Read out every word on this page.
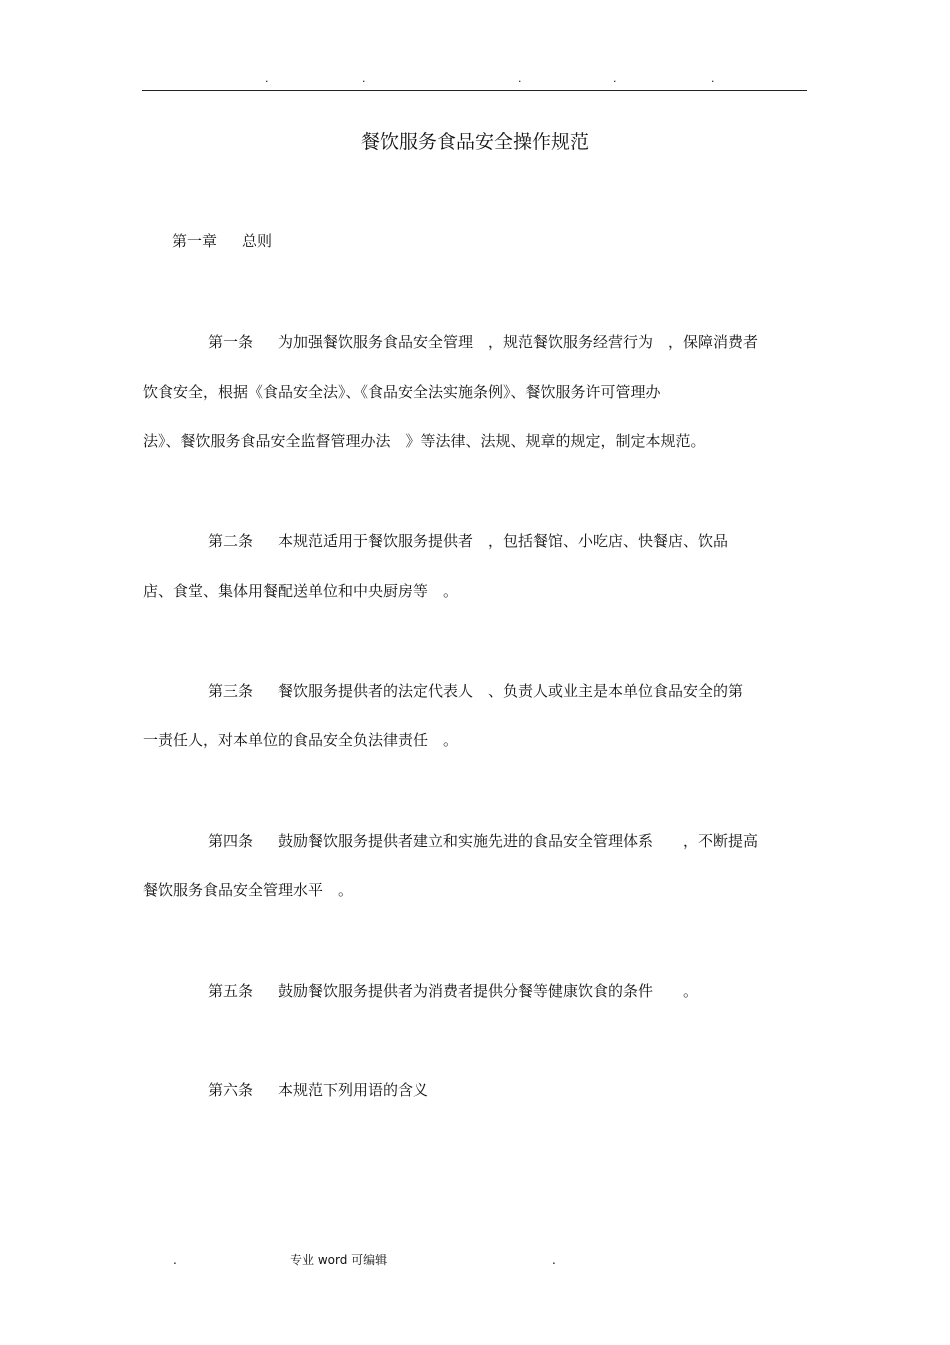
.	.	.	.	.
餐饮服务食品安全操作规范
第一章 总则
第一条 为加强餐饮服务食品安全管理　，规范餐饮服务经营行为　，保障消费者
饮食安全，根据《食品安全法》、《食品安全法实施条例》、餐饮服务许可管理办
法》、餐饮服务食品安全监督管理办法　》等法律、法规、规章的规定，制定本规范。
第二条 本规范适用于餐饮服务提供者　，包括餐馆、小吃店、快餐店、饮品
店、食堂、集体用餐配送单位和中央厨房等　。
第三条 餐饮服务提供者的法定代表人　、负责人或业主是本单位食品安全的第
一责任人，对本单位的食品安全负法律责任　。
第四条 鼓励餐饮服务提供者建立和实施先进的食品安全管理体系　　，不断提高
餐饮服务食品安全管理水平　。
第五条 鼓励餐饮服务提供者为消费者提供分餐等健康饮食的条件　　。
第六条 本规范下列用语的含义
.	专业 word 可编辑	.
